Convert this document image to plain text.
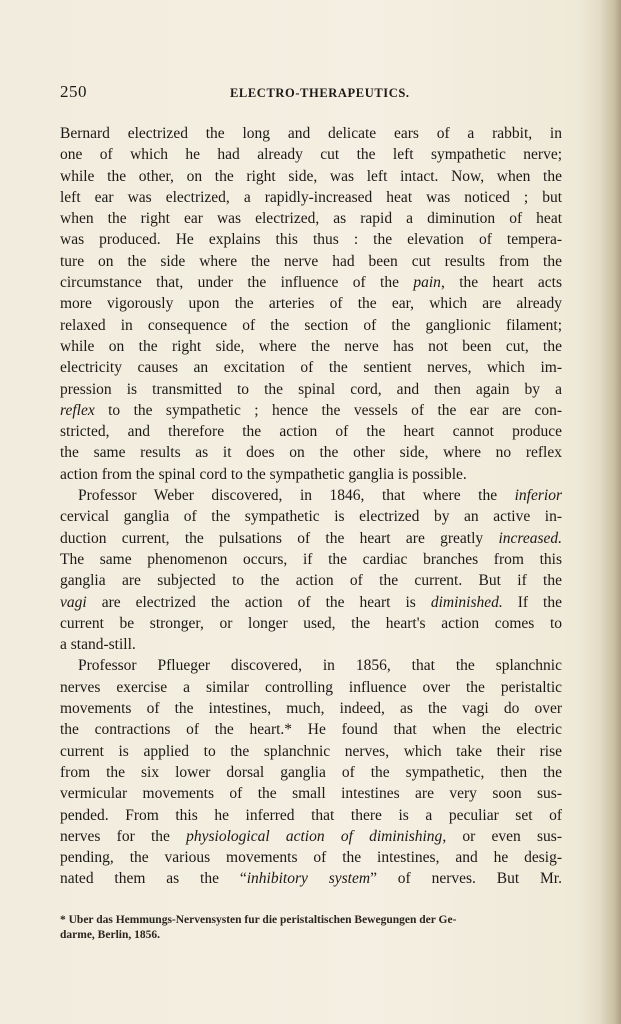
250	ELECTRO-THERAPEUTICS.
Bernard electrized the long and delicate ears of a rabbit, in
one of which he had already cut the left sympathetic nerve;
while the other, on the right side, was left intact. Now, when the
left ear was electrized, a rapidly-increased heat was noticed ; but
when the right ear was electrized, as rapid a diminution of heat
was produced. He explains this thus : the elevation of tempera-
ture on the side where the nerve had been cut results from the
circumstance that, under the influence of the pain, the heart acts
more vigorously upon the arteries of the ear, which are already
relaxed in consequence of the section of the ganglionic filament;
while on the right side, where the nerve has not been cut, the
electricity causes an excitation of the sentient nerves, which im-
pression is transmitted to the spinal cord, and then again by a
reflex to the sympathetic ; hence the vessels of the ear are con-
stricted, and therefore the action of the heart cannot produce
the same results as it does on the other side, where no reflex
action from the spinal cord to the sympathetic ganglia is possible.
Professor Weber discovered, in 1846, that where the inferior
cervical ganglia of the sympathetic is electrized by an active in-
duction current, the pulsations of the heart are greatly increased.
The same phenomenon occurs, if the cardiac branches from this
ganglia are subjected to the action of the current. But if the
vagi are electrized the action of the heart is diminished. If the
current be stronger, or longer used, the heart's action comes to
a stand-still.
Professor Pflueger discovered, in 1856, that the splanchnic
nerves exercise a similar controlling influence over the peristaltic
movements of the intestines, much, indeed, as the vagi do over
the contractions of the heart.* He found that when the electric
current is applied to the splanchnic nerves, which take their rise
from the six lower dorsal ganglia of the sympathetic, then the
vermicular movements of the small intestines are very soon sus-
pended. From this he inferred that there is a peculiar set of
nerves for the physiological action of diminishing, or even sus-
pending, the various movements of the intestines, and he desig-
nated them as the “inhibitory system” of nerves. But Mr.
* Uber das Hemmungs-Nervensysten fur die peristaltischen Bewegungen der Ge-
darme, Berlin, 1856.
